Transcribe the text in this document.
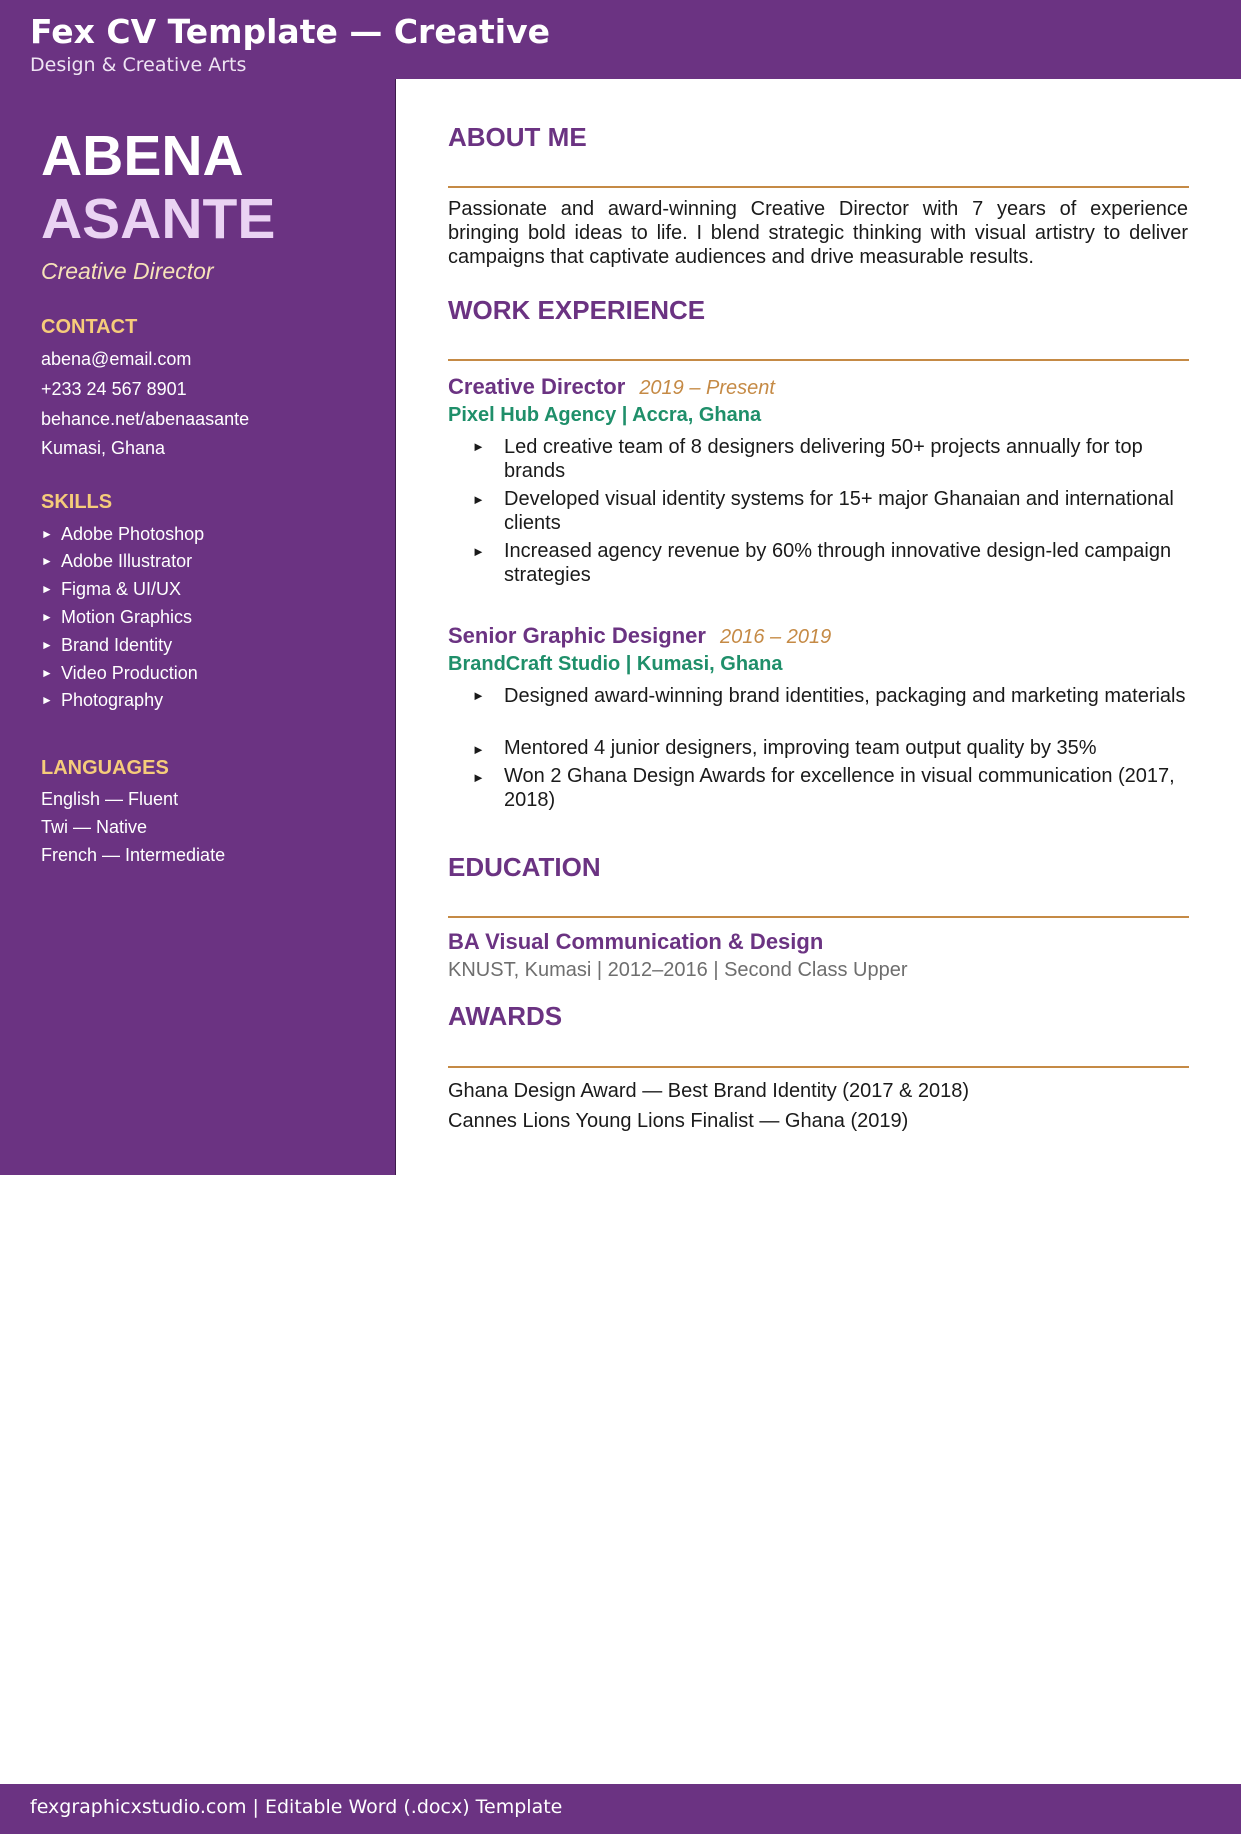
Fex CV Template — Creative
Design & Creative Arts
ABENA
ASANTE
Creative Director
CONTACT
abena@email.com
+233 24 567 8901
behance.net/abenaasante
Kumasi, Ghana
SKILLS
► Adobe Photoshop
► Adobe Illustrator
► Figma & UI/UX
► Motion Graphics
► Brand Identity
► Video Production
► Photography
LANGUAGES
English — Fluent
Twi — Native
French — Intermediate
ABOUT ME
Passionate and award-winning Creative Director with 7 years of experience bringing bold ideas to life. I blend strategic thinking with visual artistry to deliver campaigns that captivate audiences and drive measurable results.
WORK EXPERIENCE
Creative Director 2019 – Present
Pixel Hub Agency | Accra, Ghana
► Led creative team of 8 designers delivering 50+ projects annually for top brands
► Developed visual identity systems for 15+ major Ghanaian and international clients
► Increased agency revenue by 60% through innovative design-led campaign strategies
Senior Graphic Designer 2016 – 2019
BrandCraft Studio | Kumasi, Ghana
► Designed award-winning brand identities, packaging and marketing materials
► Mentored 4 junior designers, improving team output quality by 35%
► Won 2 Ghana Design Awards for excellence in visual communication (2017, 2018)
EDUCATION
BA Visual Communication & Design
KNUST, Kumasi | 2012–2016 | Second Class Upper
AWARDS
Ghana Design Award — Best Brand Identity (2017 & 2018)
Cannes Lions Young Lions Finalist — Ghana (2019)
fexgraphicxstudio.com | Editable Word (.docx) Template
